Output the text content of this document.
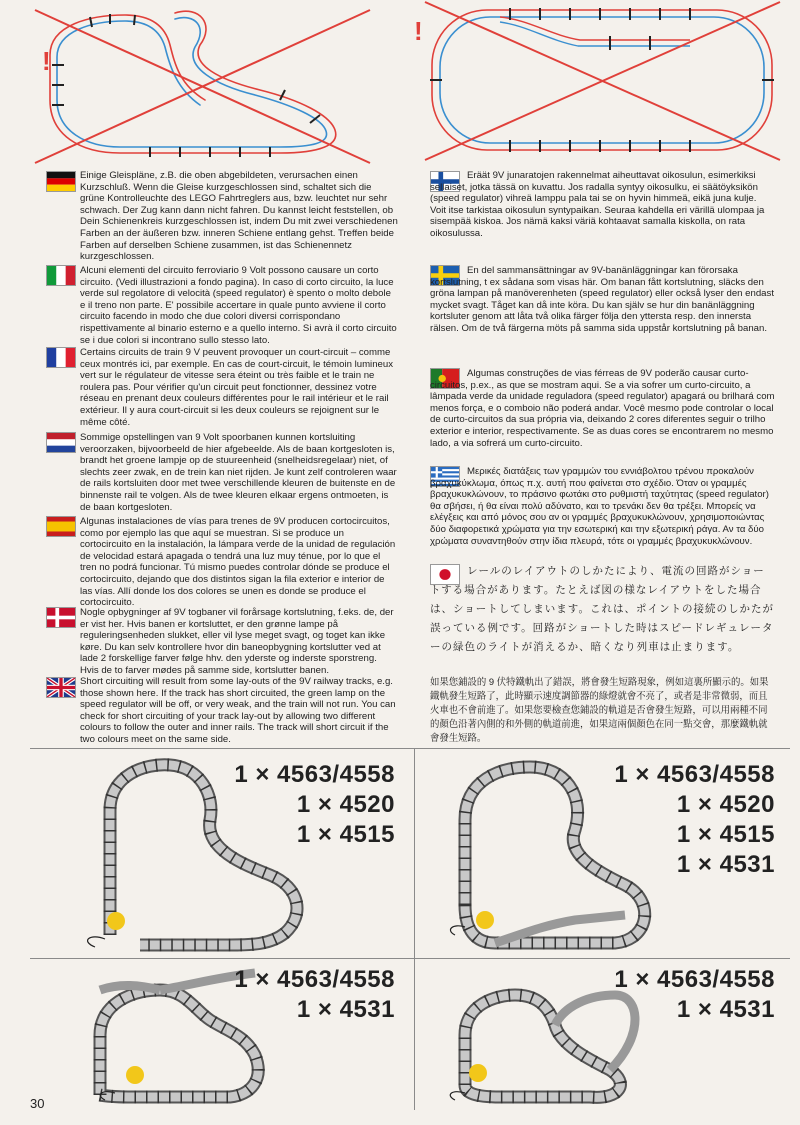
!
!

Einige Gleispläne, z.B. die oben abgebildeten, verursachen einen Kurzschluß. Wenn die Gleise kurzgeschlossen sind, schaltet sich die grüne Kontrolleuchte des LEGO Fahrtreglers aus, bzw. leuchtet nur sehr schwach. Der Zug kann dann nicht fahren. Du kannst leicht feststellen, ob Dein Schienenkreis kurzgeschlossen ist, indem Du mit zwei verschiedenen Farben an der äußeren bzw. inneren Schiene entlang gehst. Treffen beide Farben auf derselben Schiene zusammen, ist das Schienennetz kurzgeschlossen.

Alcuni elementi del circuito ferroviario 9 Volt possono causare un corto circuito. (Vedi illustrazioni a fondo pagina). In caso di corto circuito, la luce verde sul regolatore di velocità (speed regulator) è spento o molto debole e il treno non parte. E' possibile accertare in quale punto avviene il corto circuito facendo in modo che due colori diversi corrispondano rispettivamente al binario esterno e a quello interno. Si avrà il corto circuito se i due colori si incontrano sullo stesso lato.

Certains circuits de train 9 V peuvent provoquer un court-circuit – comme ceux montrés ici, par exemple. En cas de court-circuit, le témoin lumineux vert sur le régulateur de vitesse sera éteint ou très faible et le train ne roulera pas. Pour vérifier qu'un circuit peut fonctionner, dessinez votre réseau en prenant deux couleurs différentes pour le rail intérieur et le rail extérieur. Il y aura court-circuit si les deux couleurs se rejoignent sur le même côté.

Sommige opstellingen van 9 Volt spoorbanen kunnen kortsluiting veroorzaken, bijvoorbeeld de hier afgebeelde. Als de baan kortgesloten is, brandt het groene lampje op de stuureenheid (snelheidsregelaar) niet, of slechts zeer zwak, en de trein kan niet rijden. Je kunt zelf controleren waar de rails kortsluiten door met twee verschillende kleuren de buitenste en de binnenste rail te volgen. Als de twee kleuren elkaar ergens ontmoeten, is de baan kortgesloten.

Algunas instalaciones de vías para trenes de 9V producen cortocircuitos, como por ejemplo las que aquí se muestran. Si se produce un cortocircuito en la instalación, la lámpara verde de la unidad de regulación de velocidad estará apagada o tendrá una luz muy ténue, por lo que el tren no podrá funcionar. Tú mismo puedes controlar dónde se produce el cortocircuito, dejando que dos distintos sigan la fila exterior e interior de las vías. Allí donde los dos colores se unen es donde se produce el cortocircuito.

Nogle opbygninger af 9V togbaner vil forårsage kortslutning, f.eks. de, der er vist her. Hvis banen er kortsluttet, er den grønne lampe på reguleringsenheden slukket, eller vil lyse meget svagt, og toget kan ikke køre. Du kan selv kontrollere hvor din baneopbygning kortslutter ved at lade 2 forskellige farver følge hhv. den yderste og inderste sporstreng. Hvis de to farver mødes på samme side, kortslutter banen.

Short circuiting will result from some lay-outs of the 9V railway tracks, e.g. those shown here. If the track has short circuited, the green lamp on the speed regulator will be off, or very weak, and the train will not run. You can check for short circuiting of your track lay-out by allowing two different colours to follow the outer and inner rails. The track will short circuit if the two colours meet on the same side.

Eräät 9V junaratojen rakennelmat aiheuttavat oikosulun, esimerkiksi sellaiset, jotka tässä on kuvattu. Jos radalla syntyy oikosulku, ei säätöyksikön (speed regulator) vihreä lamppu pala tai se on hyvin himmeä, eikä juna kulje. Voit itse tarkistaa oikosulun syntypaikan. Seuraa kahdella eri värillä ulompaa ja sisempää kiskoa. Jos nämä kaksi väriä kohtaavat samalla kiskolla, on rata oikosulussa.

En del sammansättningar av 9V-banänläggningar kan förorsaka kortslutning, t ex sådana som visas här. Om banan fått kortslutning, släcks den gröna lampan på manöverenheten (speed regulator) eller också lyser den endast mycket svagt. Tåget kan då inte köra. Du kan själv se hur din banänläggning kortsluter genom att låta två olika färger följa den yttersta resp. den innersta rälsen. Om de två färgerna möts på samma sida uppstår kortslutning på banan.

Algumas construções de vias férreas de 9V poderão causar curto-circuitos, p.ex., as que se mostram aqui. Se a via sofrer um curto-circuito, a lâmpada verde da unidade reguladora (speed regulator) apagará ou brilhará com menos força, e o comboio não poderá andar. Você mesmo pode controlar o local de curto-circuitos da sua própria via, deixando 2 cores diferentes seguir o trilho exterior e interior, respectivamente. Se as duas cores se encontrarem no mesmo lado, a via sofrerá um curto-circuito.

Μερικές διατάξεις των γραμμών του εννιάβολτου τρένου προκαλούν βραχυκύκλωμα, όπως π.χ. αυτή που φαίνεται στο σχέδιο. Όταν οι γραμμές βραχυκυκλώνουν, το πράσινο φωτάκι στο ρυθμιστή ταχύτητας (speed regulator) θα σβήσει, ή θα είναι πολύ αδύνατο, και το τρενάκι δεν θα τρέξει. Μπορείς να ελέγξεις και από μόνος σου αν οι γραμμές βραχυκυκλώνουν, χρησιμοποιώντας δύο διαφορετικά χρώματα για την εσωτερική και την εξωτερική ράγα. Αν τα δύο χρώματα συναντηθούν στην ίδια πλευρά, τότε οι γραμμές βραχυκυκλώνουν.

レールのレイアウトのしかたにより、電流の回路がショートする場合があります。たとえば図の様なレイアウトをした場合は、ショートしてしまいます。これは、ポイントの接続のしかたが誤っている例です。回路がショートした時はスピードレギュレーターの緑色のライトが消えるか、暗くなり列車は止まります。

如果您鋪設的 9 伏特鐵軌出了錯誤，將會發生短路現象，例如這裏所顯示的。如果鐵軌發生短路了，此時顯示速度調節器的綠燈就會不亮了，或者是非常微弱，而且火車也不會前進了。如果您要檢查您鋪設的軌道是否會發生短路，可以用兩種不同的顏色沿著內側的和外側的軌道前進，如果這兩個顏色在同一點交會，那麼鐵軌就會發生短路。

1 × 4563/4558
1 × 4520
1 × 4515
1 × 4563/4558
1 × 4520
1 × 4515
1 × 4531
1 × 4563/4558
1 × 4531
1 × 4563/4558
1 × 4531
30
